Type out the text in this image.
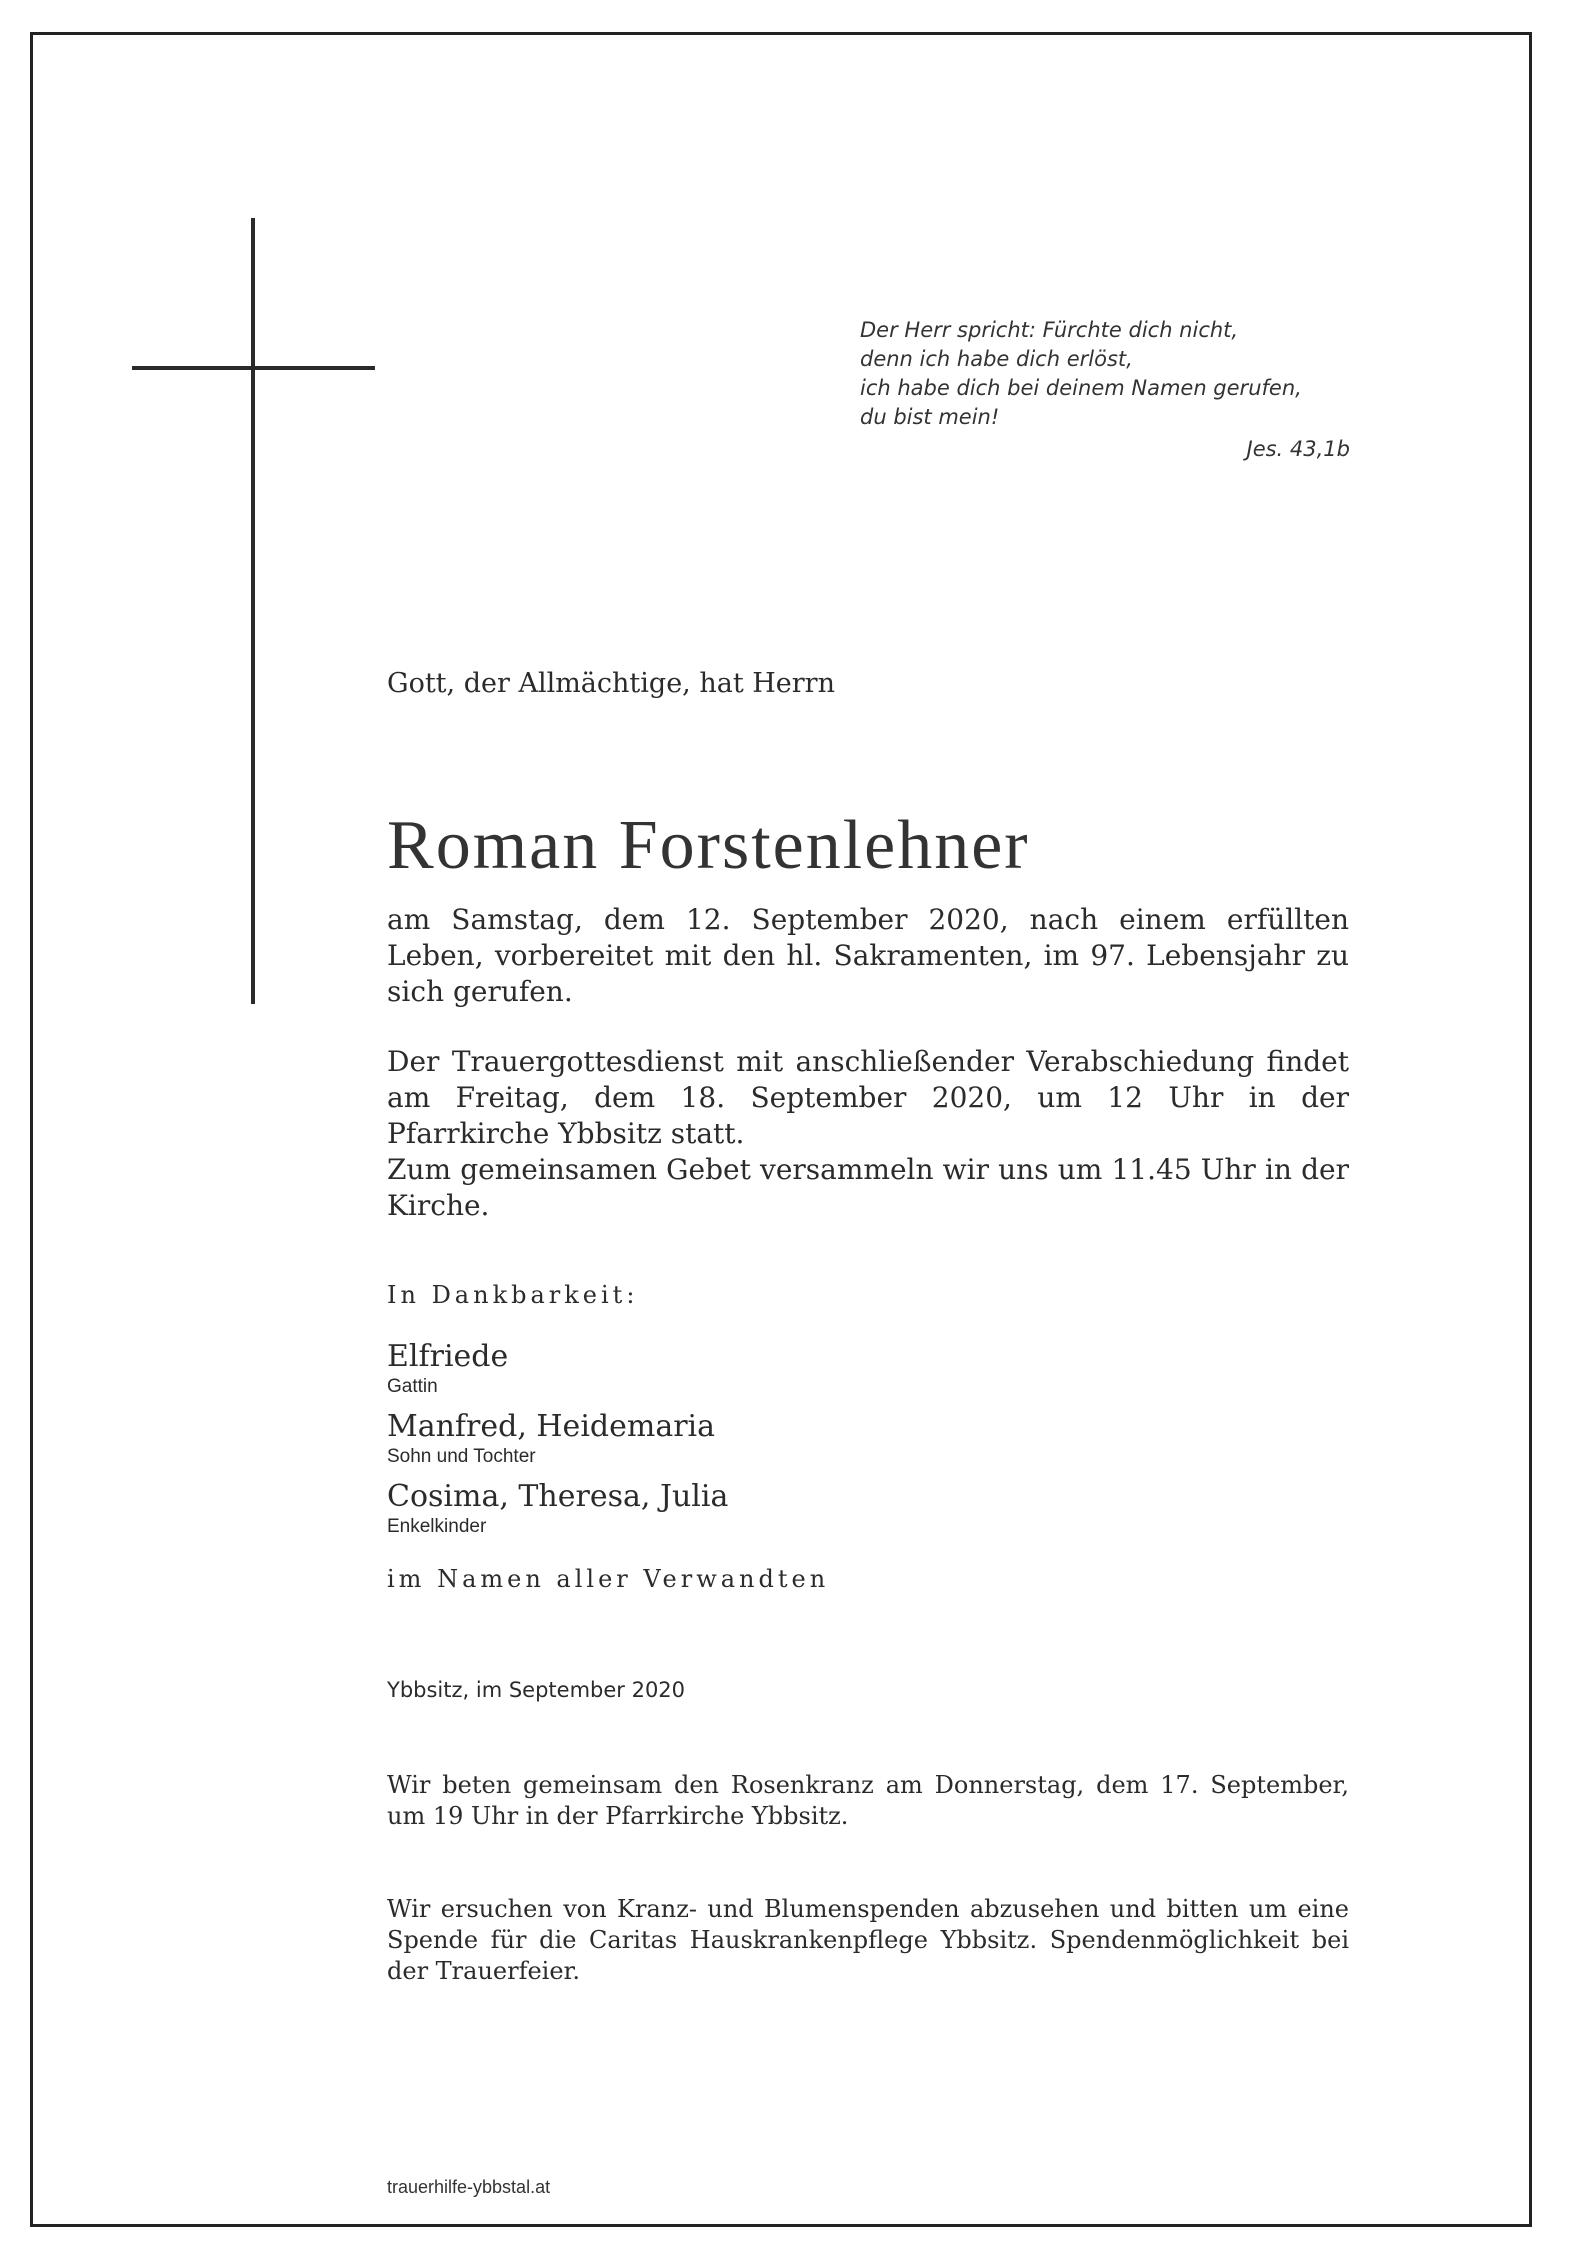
Der Herr spricht: Fürchte dich nicht,
denn ich habe dich erlöst,
ich habe dich bei deinem Namen gerufen,
du bist mein!
Jes. 43,1b

Gott, der Allmächtige, hat Herrn

Roman Forstenlehner

am Samstag, dem 12. September 2020, nach einem erfüllten Leben, vorbereitet mit den hl. Sakramenten, im 97. Lebensjahr zu sich gerufen.

Der Trauergottesdienst mit anschließender Verabschiedung findet am Freitag, dem 18. September 2020, um 12 Uhr in der Pfarrkirche Ybbsitz statt.

Zum gemeinsamen Gebet versammeln wir uns um 11.45 Uhr in der Kirche.

In Dankbarkeit:

Elfriede
Gattin
Manfred, Heidemaria
Sohn und Tochter
Cosima, Theresa, Julia
Enkelkinder

im Namen aller Verwandten

Ybbsitz, im September 2020

Wir beten gemeinsam den Rosenkranz am Donnerstag, dem 17. September, um 19 Uhr in der Pfarrkirche Ybbsitz.

Wir ersuchen von Kranz- und Blumenspenden abzusehen und bitten um eine Spende für die Caritas Hauskrankenpflege Ybbsitz. Spendenmöglichkeit bei der Trauerfeier.

trauerhilfe-ybbstal.at
